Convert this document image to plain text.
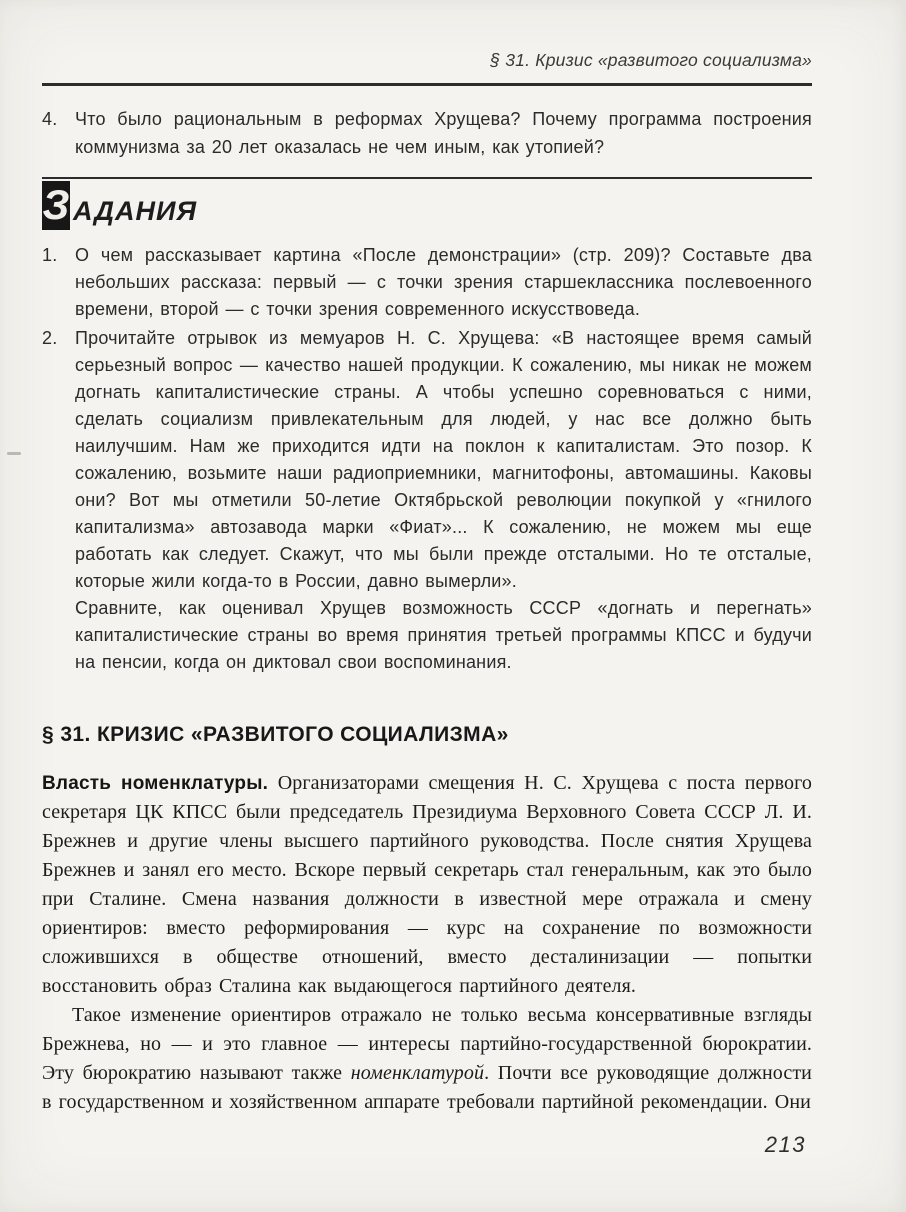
§ 31. Кризис «развитого социализма»
4. Что было рациональным в реформах Хрущева? Почему программа построения коммунизма за 20 лет оказалась не чем иным, как утопией?
З АДАНИЯ
1. О чем рассказывает картина «После демонстрации» (стр. 209)? Составьте два небольших рассказа: первый — с точки зрения старшеклассника послевоенного времени, второй — с точки зрения современного искусствоведа.

2. Прочитайте отрывок из мемуаров Н. С. Хрущева: «В настоящее время самый серьезный вопрос — качество нашей продукции. К сожалению, мы никак не можем догнать капиталистические страны. А чтобы успешно соревноваться с ними, сделать социализм привлекательным для людей, у нас все должно быть наилучшим. Нам же приходится идти на поклон к капиталистам. Это позор. К сожалению, возьмите наши радиоприемники, магнитофоны, автомашины. Каковы они? Вот мы отметили 50-летие Октябрьской революции покупкой у «гнилого капитализма» автозавода марки «Фиат»... К сожалению, не можем мы еще работать как следует. Скажут, что мы были прежде отсталыми. Но те отсталые, которые жили когда-то в России, давно вымерли».

Сравните, как оценивал Хрущев возможность СССР «догнать и перегнать» капиталистические страны во время принятия третьей программы КПСС и будучи на пенсии, когда он диктовал свои воспоминания.

§ 31. КРИЗИС «РАЗВИТОГО СОЦИАЛИЗМА»

Власть номенклатуры. Организаторами смещения Н. С. Хрущева с поста первого секретаря ЦК КПСС были председатель Президиума Верховного Совета СССР Л. И. Брежнев и другие члены высшего партийного руководства. После снятия Хрущева Брежнев и занял его место. Вскоре первый секретарь стал генеральным, как это было при Сталине. Смена названия должности в известной мере отражала и смену ориентиров: вместо реформирования — курс на сохранение по возможности сложившихся в обществе отношений, вместо десталинизации — попытки восстановить образ Сталина как выдающегося партийного деятеля.

Такое изменение ориентиров отражало не только весьма консервативные взгляды Брежнева, но — и это главное — интересы партийно-государственной бюрократии. Эту бюрократию называют также номенклатурой. Почти все руководящие должности в государственном и хозяйственном аппарате требовали партийной рекомендации. Они

213
